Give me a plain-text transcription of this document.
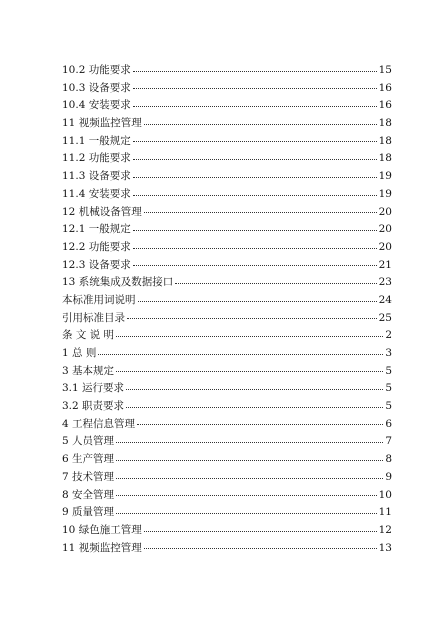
10.2 功能要求	15
10.3 设备要求	16
10.4 安装要求	16
11 视频监控管理	18
11.1 一般规定	18
11.2 功能要求	18
11.3 设备要求	19
11.4 安装要求	19
12 机械设备管理	20
12.1 一般规定	20
12.2 功能要求	20
12.3 设备要求	21
13 系统集成及数据接口	23
本标准用词说明	24
引用标准目录	25
条 文 说 明	2
1 总 则	3
3 基本规定	5
3.1 运行要求	5
3.2 职责要求	5
4 工程信息管理	6
5 人员管理	7
6 生产管理	8
7 技术管理	9
8 安全管理	10
9 质量管理	11
10 绿色施工管理	12
11 视频监控管理	13
